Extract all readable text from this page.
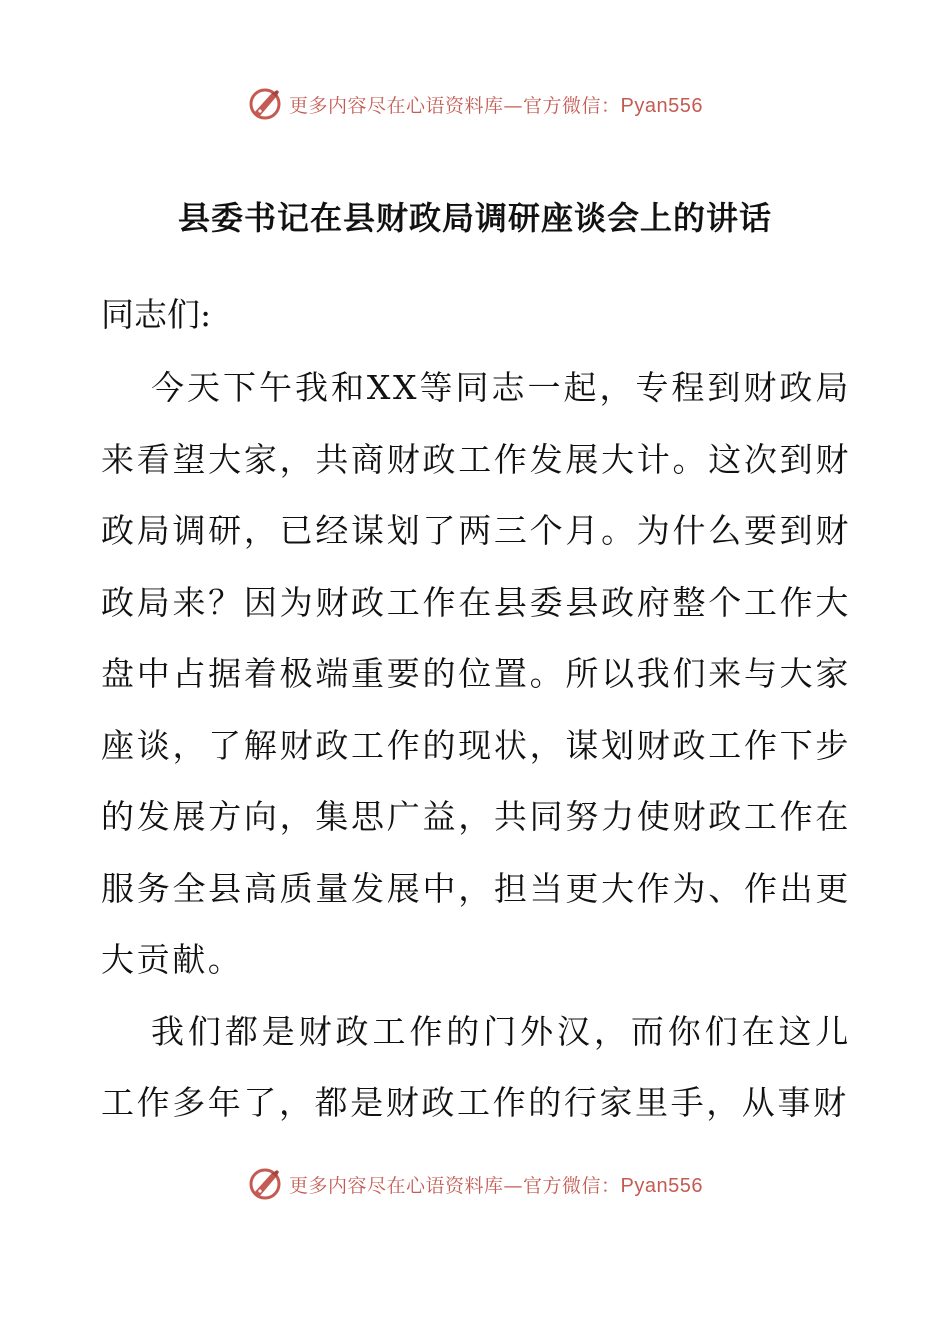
更多内容尽在心语资料库—官方微信：Pyan556
县委书记在县财政局调研座谈会上的讲话

同志们:

今天下午我和XX等同志一起，专程到财政局来看望大家，共商财政工作发展大计。这次到财政局调研，已经谋划了两三个月。为什么要到财政局来？因为财政工作在县委县政府整个工作大盘中占据着极端重要的位置。所以我们来与大家座谈，了解财政工作的现状，谋划财政工作下步的发展方向，集思广益，共同努力使财政工作在服务全县高质量发展中，担当更大作为、作出更大贡献。

我们都是财政工作的门外汉，而你们在这儿工作多年了，都是财政工作的行家里手，从事财

更多内容尽在心语资料库—官方微信：Pyan556
